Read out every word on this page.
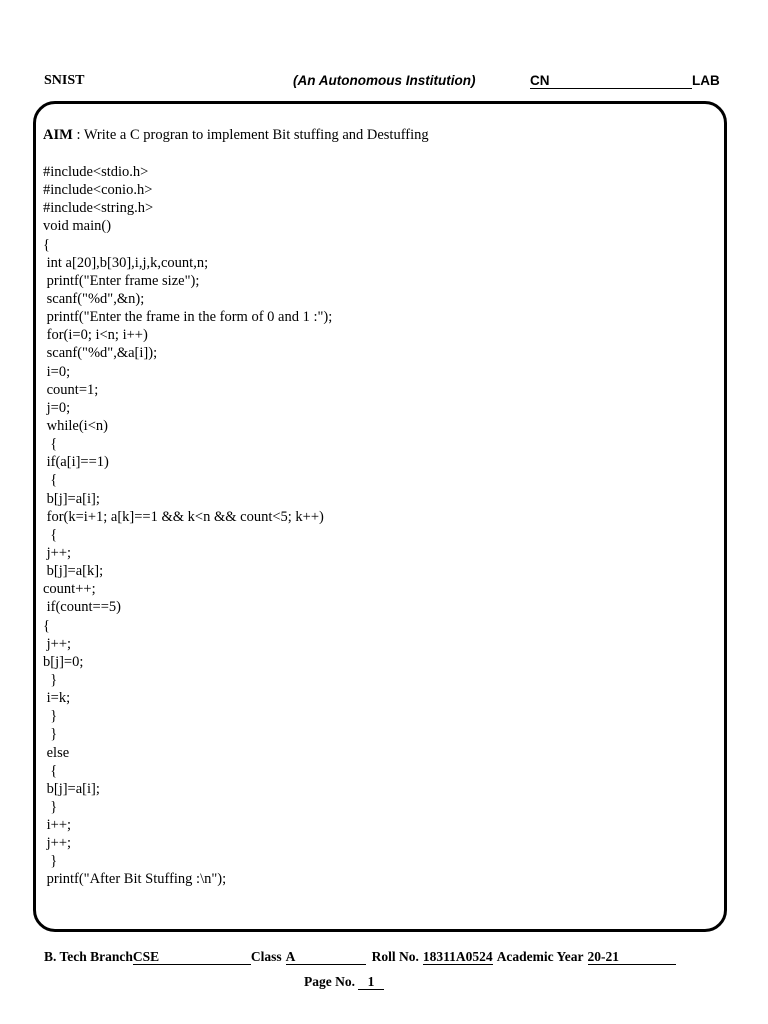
SNIST	(An Autonomous Institution)	CN	LAB
AIM : Write a C progran to implement Bit stuffing and Destuffing
#include<stdio.h>
#include<conio.h>
#include<string.h>
void main()
{
int a[20],b[30],i,j,k,count,n;
printf("Enter frame size");
scanf("%d",&n);
printf("Enter the frame in the form of 0 and 1 :");
for(i=0; i<n; i++)
scanf("%d",&a[i]);
i=0;
count=1;
j=0;
while(i<n)
{
if(a[i]==1)
{
b[j]=a[i];
for(k=i+1; a[k]==1 && k<n && count<5; k++)
{
j++;
b[j]=a[k];
count++;
if(count==5)
{
j++;
b[j]=0;
}
i=k;
}
}
else
{
b[j]=a[i];
}
i++;
j++;
}
printf("After Bit Stuffing :\n");
B. Tech BranchCSE	Class A	Roll No. 18311A0524 Academic Year 20-21
Page No. 1
